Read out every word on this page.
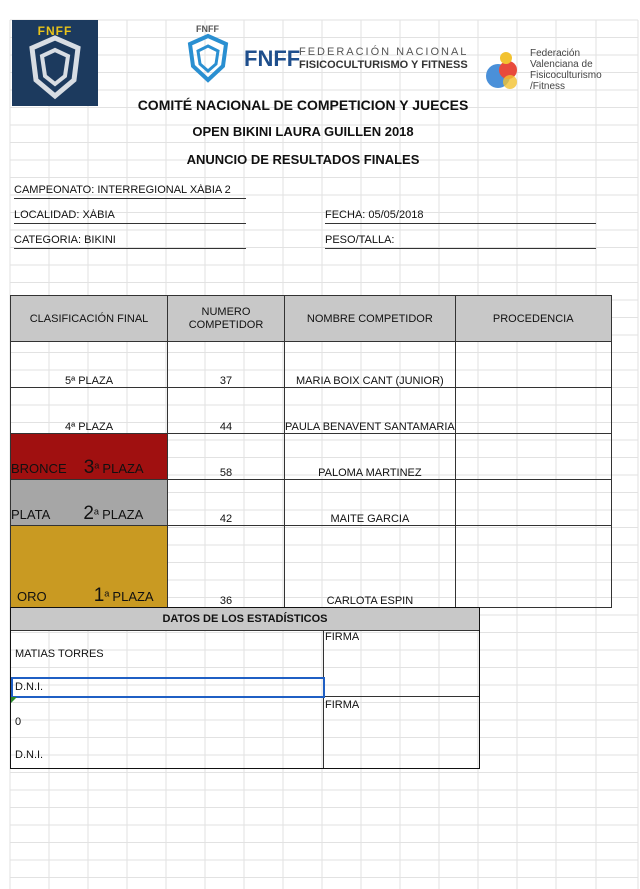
FNFF	FNFF
FNFF
FEDERACIÓN NACIONAL
FISICOCULTURISMO Y FITNESS
Federación
Valenciana de
Fisicoculturismo
/Fitness
COMITÉ NACIONAL DE COMPETICION Y JUECES
OPEN BIKINI LAURA GUILLEN 2018
ANUNCIO DE RESULTADOS FINALES
CAMPEONATO: INTERREGIONAL XÁBIA 2
LOCALIDAD: XÁBIA	FECHA: 05/05/2018
CATEGORIA: BIKINI	PESO/TALLA:
CLASIFICACIÓN FINAL	NUMERO COMPETIDOR	NOMBRE COMPETIDOR	PROCEDENCIA
5ª PLAZA	37	MARIA BOIX CANT (JUNIOR)	
4ª PLAZA	44	PAULA BENAVENT SANTAMARIA	
BRONCE 3$^a$ PLAZA	58	PALOMA MARTINEZ	
PLATA 2$^a$ PLAZA	42	MAITE GARCIA	
ORO 1$^a$ PLAZA	36	CARLOTA ESPIN	
DATOS DE LOS ESTADÍSTICOS
FIRMA
MATIAS TORRES
D.N.I.
FIRMA
0
D.N.I.
